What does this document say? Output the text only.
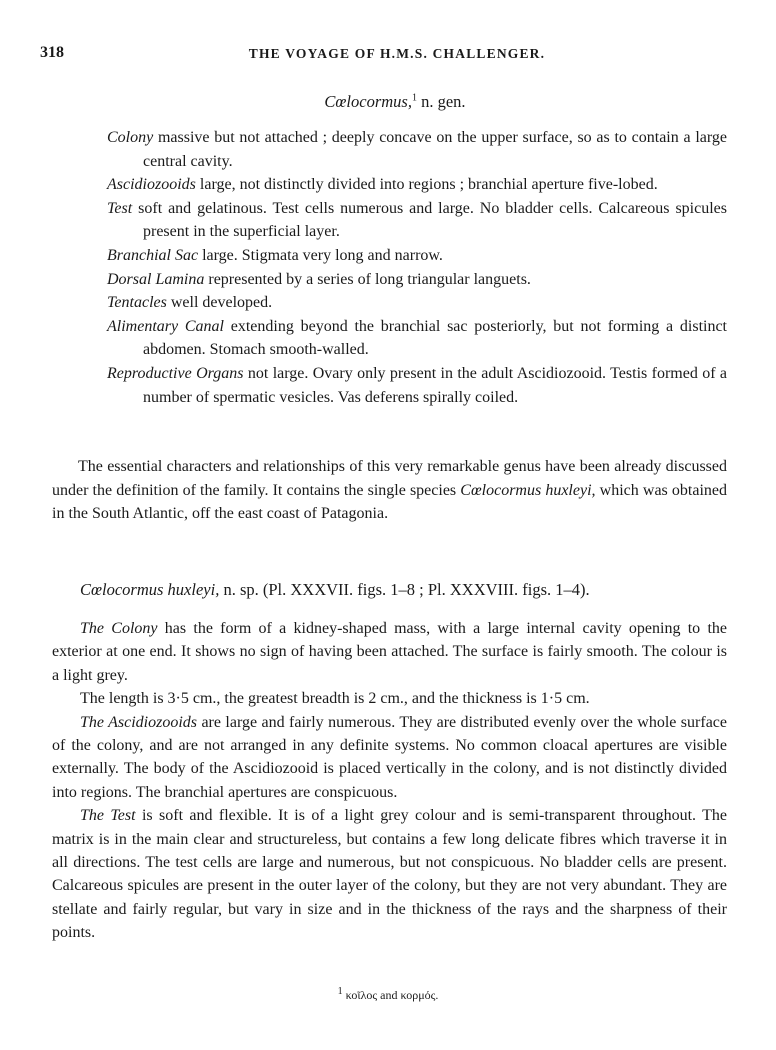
318	THE VOYAGE OF H.M.S. CHALLENGER.
Cœlocormus,$^1$ n. gen.

Colony massive but not attached ; deeply concave on the upper surface, so as to contain a large central cavity.

Ascidiozooids large, not distinctly divided into regions ; branchial aperture five-lobed.

Test soft and gelatinous. Test cells numerous and large. No bladder cells. Calcareous spicules present in the superficial layer.

Branchial Sac large. Stigmata very long and narrow.

Dorsal Lamina represented by a series of long triangular languets.

Tentacles well developed.

Alimentary Canal extending beyond the branchial sac posteriorly, but not forming a distinct abdomen. Stomach smooth-walled.

Reproductive Organs not large. Ovary only present in the adult Ascidiozooid. Testis formed of a number of spermatic vesicles. Vas deferens spirally coiled.

The essential characters and relationships of this very remarkable genus have been already discussed under the definition of the family. It contains the single species Cœlocormus huxleyi, which was obtained in the South Atlantic, off the east coast of Patagonia.

Cœlocormus huxleyi, n. sp. (Pl. XXXVII. figs. 1–8 ; Pl. XXXVIII. figs. 1–4).

The Colony has the form of a kidney-shaped mass, with a large internal cavity opening to the exterior at one end. It shows no sign of having been attached. The surface is fairly smooth. The colour is a light grey.

The length is 3·5 cm., the greatest breadth is 2 cm., and the thickness is 1·5 cm.

The Ascidiozooids are large and fairly numerous. They are distributed evenly over the whole surface of the colony, and are not arranged in any definite systems. No common cloacal apertures are visible externally. The body of the Ascidiozooid is placed vertically in the colony, and is not distinctly divided into regions. The branchial apertures are conspicuous.

The Test is soft and flexible. It is of a light grey colour and is semi-transparent throughout. The matrix is in the main clear and structureless, but contains a few long delicate fibres which traverse it in all directions. The test cells are large and numerous, but not conspicuous. No bladder cells are present. Calcareous spicules are present in the outer layer of the colony, but they are not very abundant. They are stellate and fairly regular, but vary in size and in the thickness of the rays and the sharpness of their points.

$^1$ κοῖλος and κορμός.
